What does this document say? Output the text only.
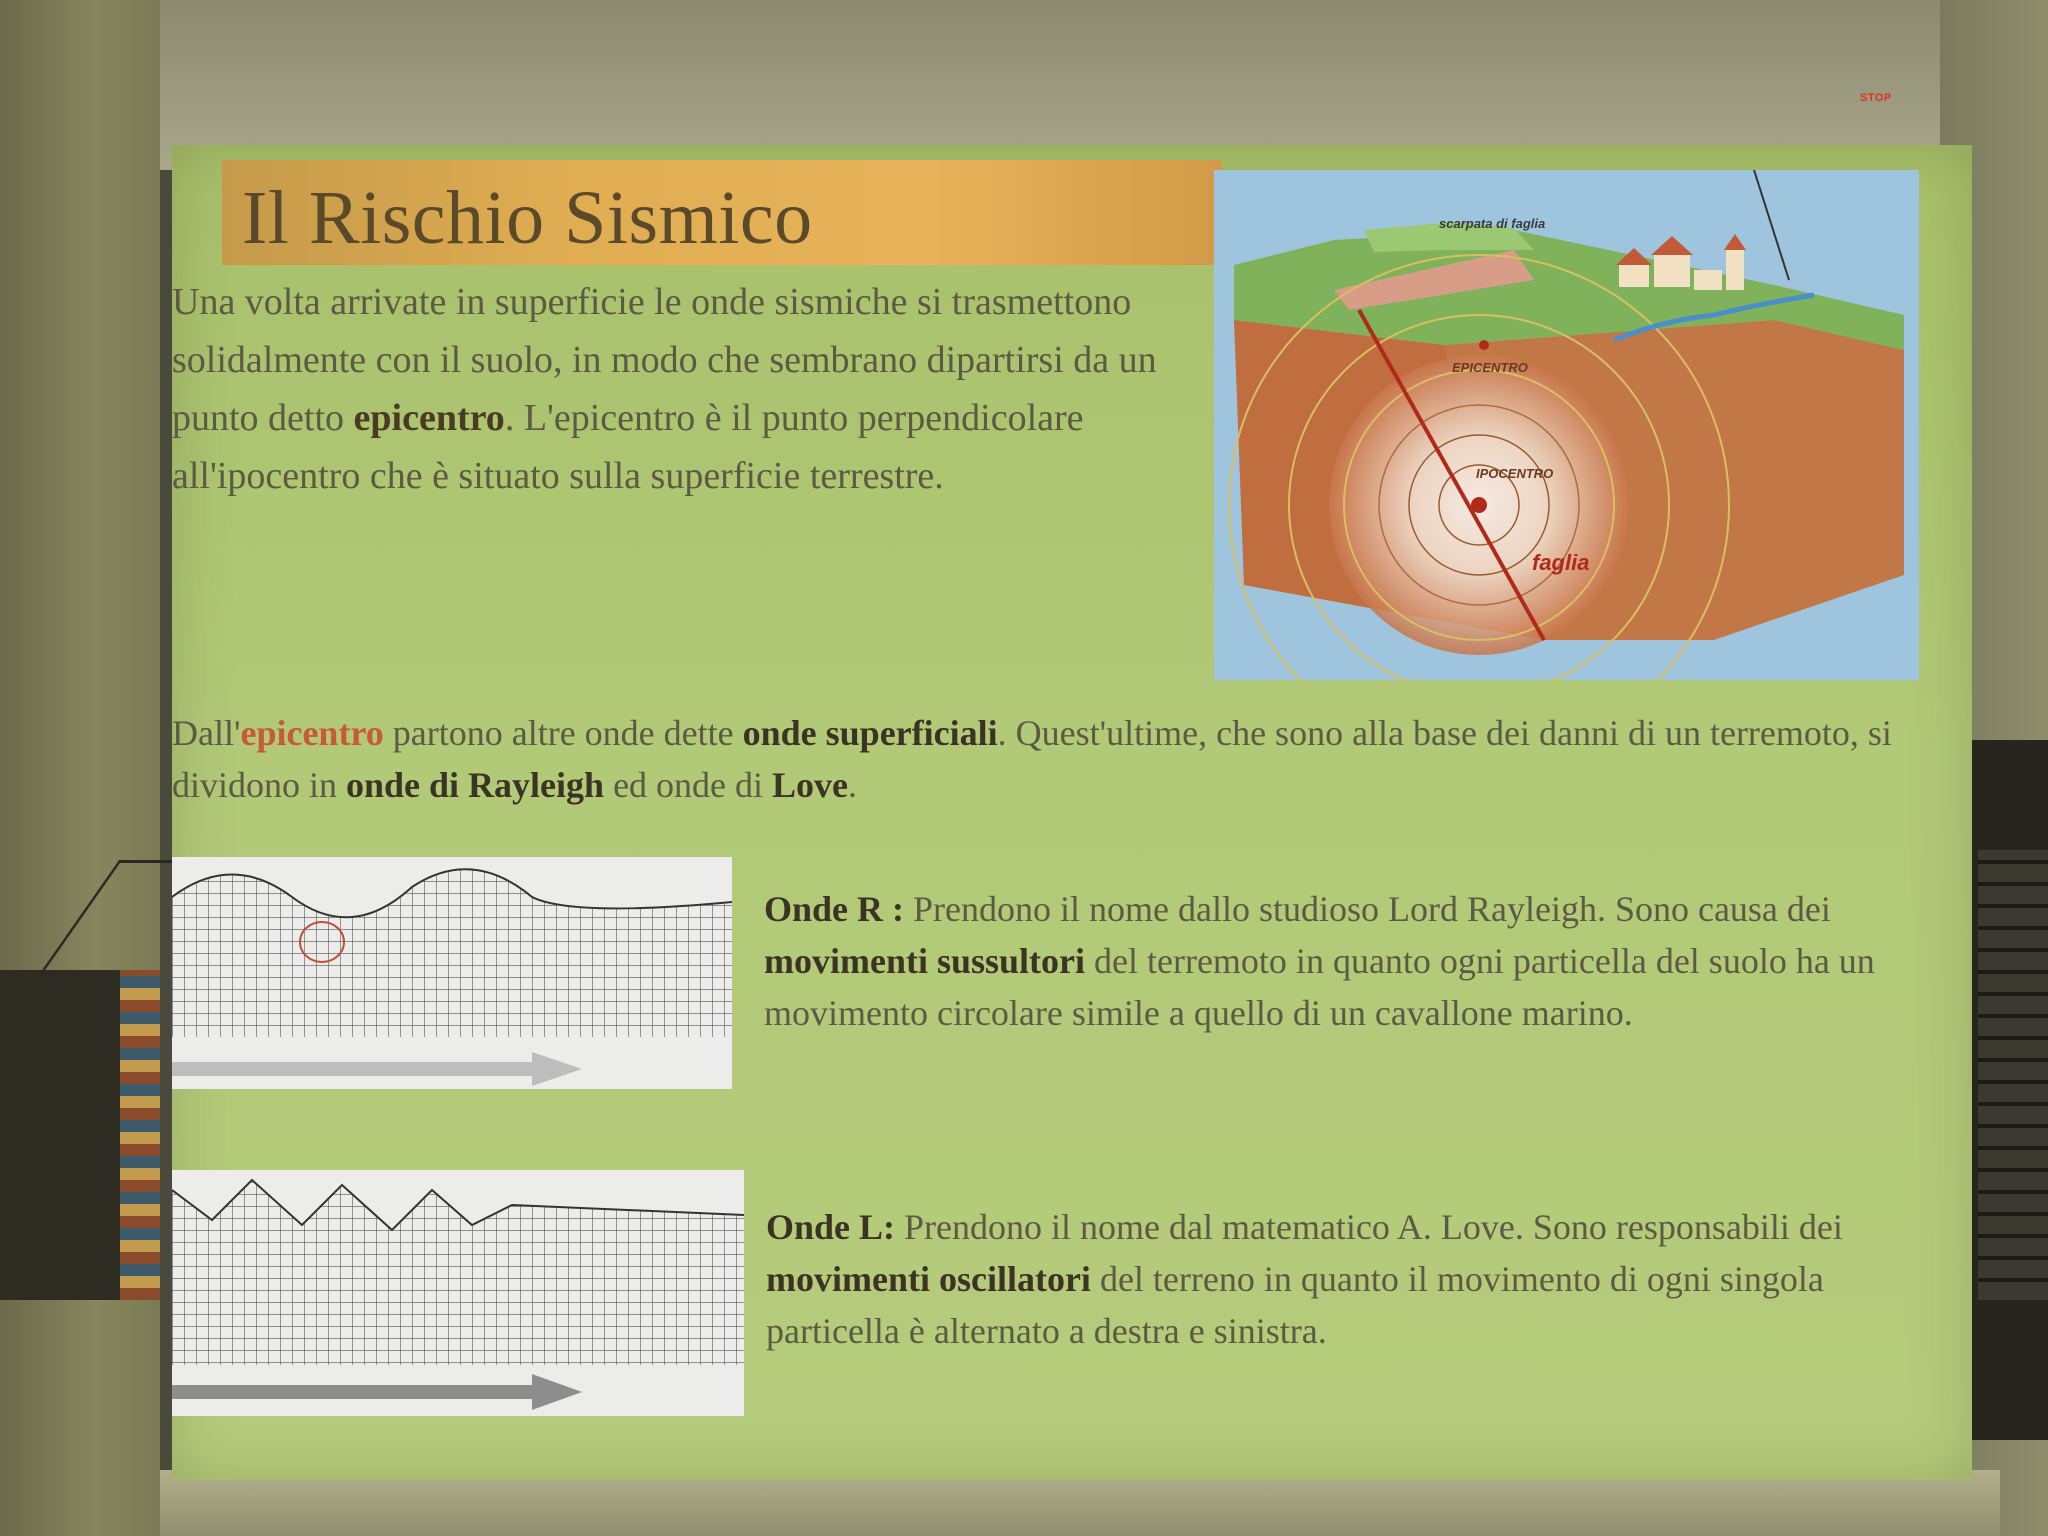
STOP
Il Rischio Sismico
Una volta arrivate in superficie le onde sismiche si trasmettono solidalmente con il suolo, in modo che sembrano dipartirsi da un punto detto epicentro. L'epicentro è il punto perpendicolare all'ipocentro che è situato sulla superficie terrestre.
scarpata di faglia
EPICENTRO
IPOCENTRO
faglia
Dall'epicentro partono altre onde dette onde superficiali. Quest'ultime, che sono alla base dei danni di un terremoto, si dividono in onde di Rayleigh ed onde di Love.
Onde R : Prendono il nome dallo studioso Lord Rayleigh. Sono causa dei movimenti sussultori del terremoto in quanto ogni particella del suolo ha un movimento circolare simile a quello di un cavallone marino.
Onde L: Prendono il nome dal matematico A. Love. Sono responsabili dei movimenti oscillatori del terreno in quanto il movimento di ogni singola particella è alternato a destra e sinistra.
